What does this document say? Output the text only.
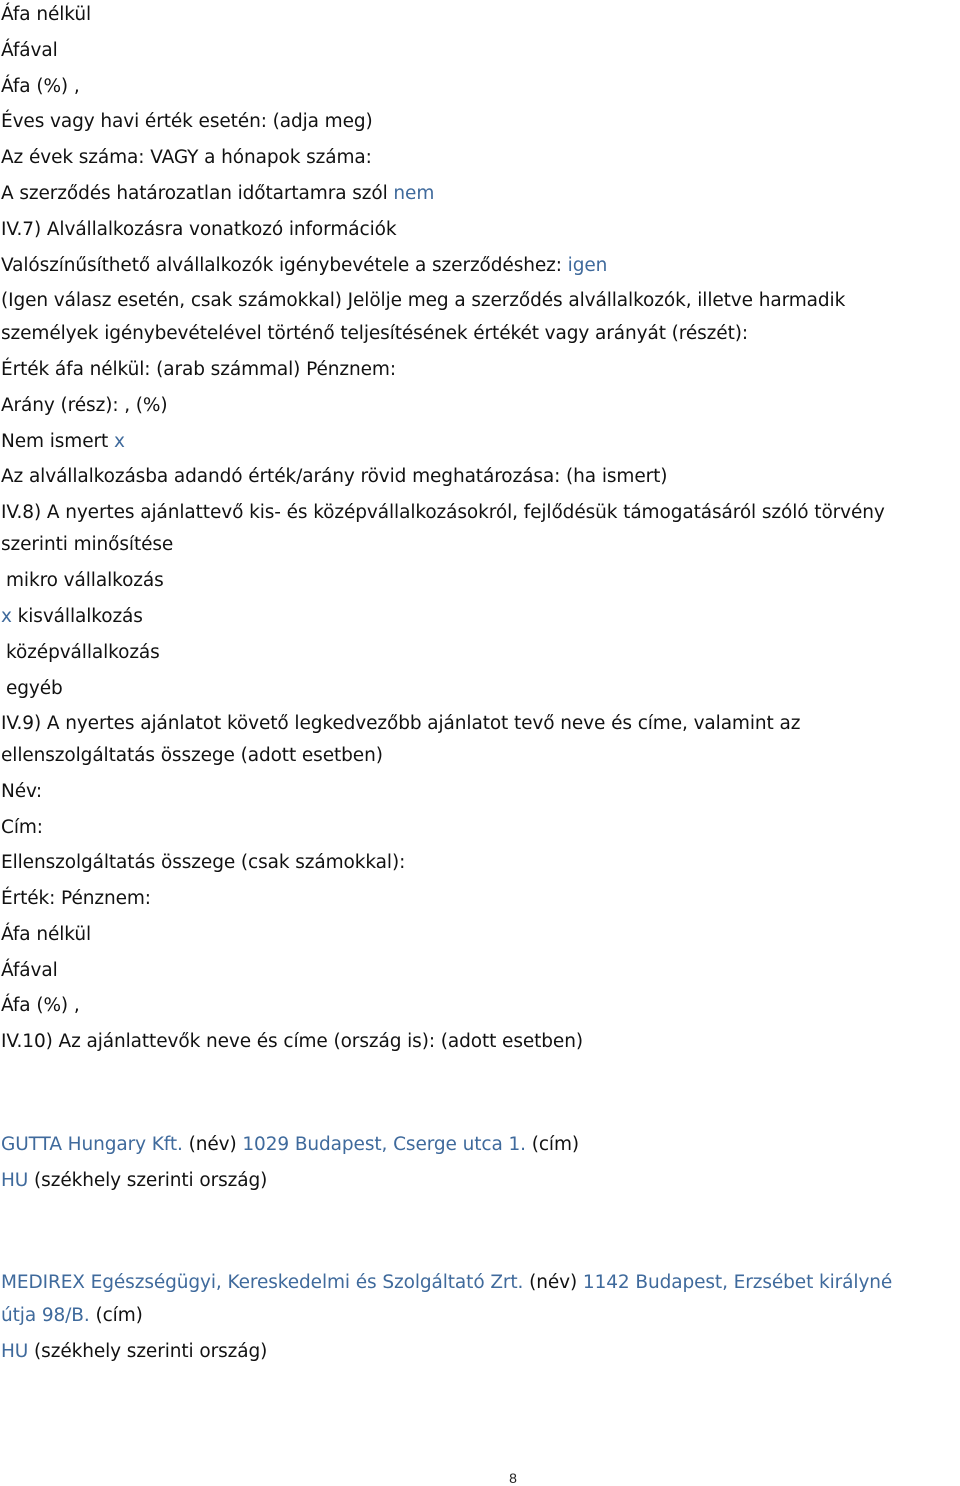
Áfa nélkül
Áfával
Áfa (%) ,
Éves vagy havi érték esetén: (adja meg)
Az évek száma: VAGY a hónapok száma:
A szerződés határozatlan időtartamra szól nem
IV.7) Alvállalkozásra vonatkozó információk
Valószínűsíthető alvállalkozók igénybevétele a szerződéshez: igen
(Igen válasz esetén, csak számokkal) Jelölje meg a szerződés alvállalkozók, illetve harmadik
személyek igénybevételével történő teljesítésének értékét vagy arányát (részét):
Érték áfa nélkül: (arab számmal) Pénznem:
Arány (rész): , (%)
Nem ismert x
Az alvállalkozásba adandó érték/arány rövid meghatározása: (ha ismert)
IV.8) A nyertes ajánlattevő kis- és középvállalkozásokról, fejlődésük támogatásáról szóló törvény
szerinti minősítése
mikro vállalkozás
x kisvállalkozás
középvállalkozás
egyéb
IV.9) A nyertes ajánlatot követő legkedvezőbb ajánlatot tevő neve és címe, valamint az
ellenszolgáltatás összege (adott esetben)
Név:
Cím:
Ellenszolgáltatás összege (csak számokkal):
Érték: Pénznem:
Áfa nélkül
Áfával
Áfa (%) ,
IV.10) Az ajánlattevők neve és címe (ország is): (adott esetben)
GUTTA Hungary Kft. (név) 1029 Budapest, Cserge utca 1. (cím)
HU (székhely szerinti ország)
MEDIREX Egészségügyi, Kereskedelmi és Szolgáltató Zrt. (név) 1142 Budapest, Erzsébet királyné
útja 98/B. (cím)
HU (székhely szerinti ország)
8
